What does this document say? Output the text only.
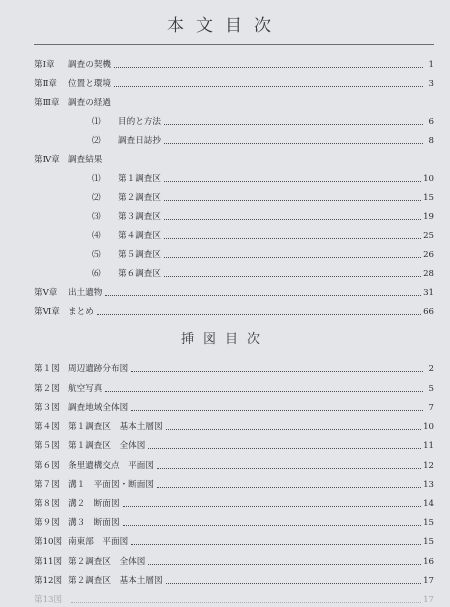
本文目次
第Ⅰ章	調査の契機	1
第Ⅱ章	位置と環境	3
第Ⅲ章 調査の経過
⑴	目的と方法	6
⑵	調査日誌抄	8
第Ⅳ章 調査結果
⑴	第１調査区	10
⑵	第２調査区	15
⑶	第３調査区	19
⑷	第４調査区	25
⑸	第５調査区	26
⑹	第６調査区	28
第Ⅴ章	出土遺物	31
第Ⅵ章 まとめ	66
挿図目次
第１図 周辺遺跡分布図	2
第２図 航空写真	5
第３図 調査地域全体図	7
第４図 第１調査区　基本土層図	10
第５図 第１調査区　全体図	11
第６図 条里遺構交点　平面図	12
第７図 溝１　平面図・断面図	13
第８図 溝２　断面図	14
第９図 溝３　断面図	15
第10図 南東部　平面図	15
第11図 第２調査区　全体図	16
第12図 第２調査区　基本土層図	17
第13図	17
